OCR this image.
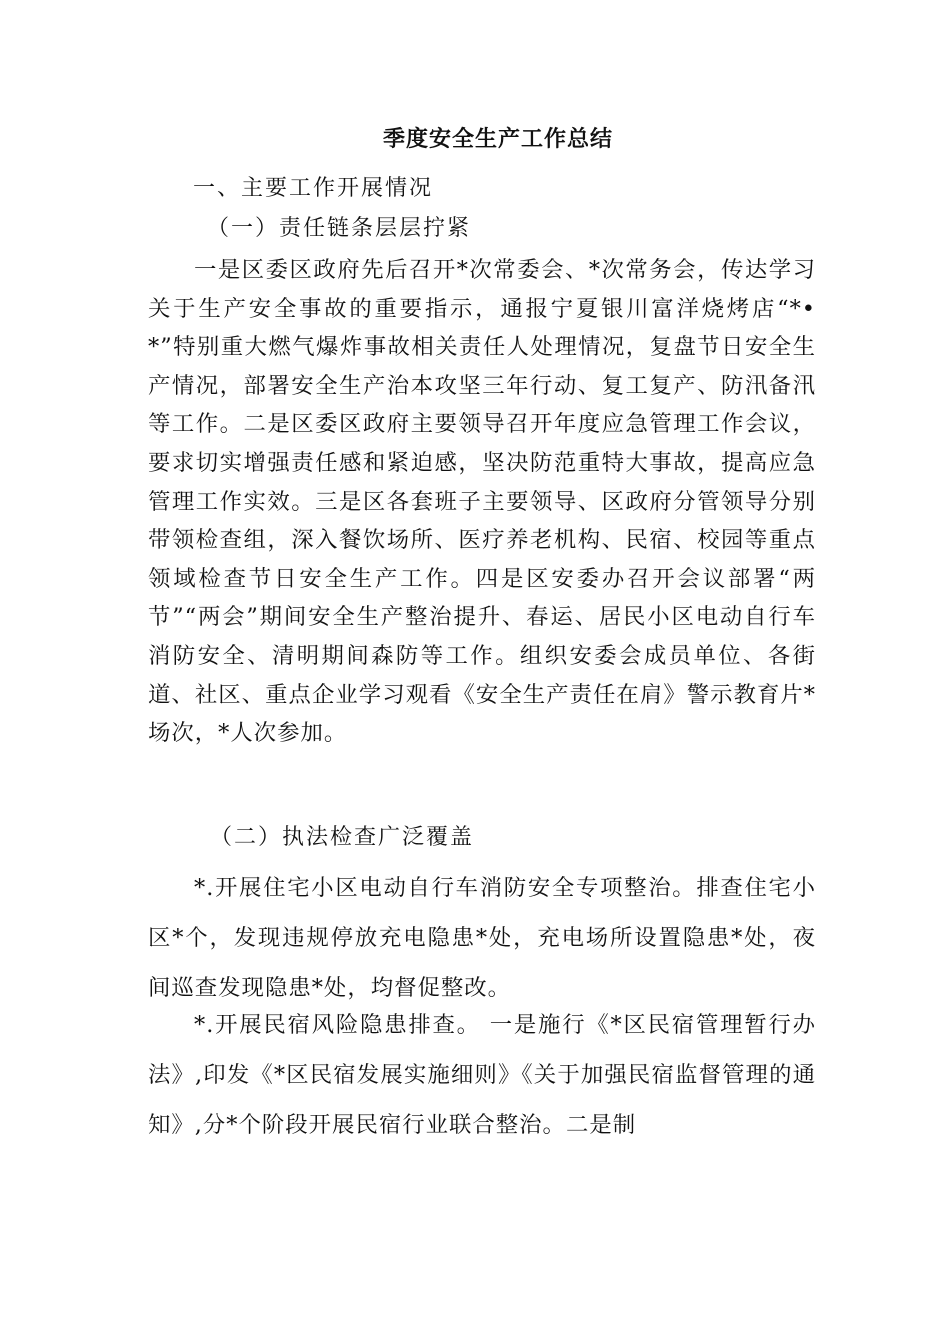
季度安全生产工作总结
一、主要工作开展情况
（一）责任链条层层拧紧

一是区委区政府先后召开*次常委会、*次常务会，传达学习关于生产安全事故的重要指示，通报宁夏银川富洋烧烤店“*•*”特别重大燃气爆炸事故相关责任人处理情况，复盘节日安全生产情况，部署安全生产治本攻坚三年行动、复工复产、防汛备汛等工作。二是区委区政府主要领导召开年度应急管理工作会议，要求切实增强责任感和紧迫感，坚决防范重特大事故，提高应急管理工作实效。三是区各套班子主要领导、区政府分管领导分别带领检查组，深入餐饮场所、医疗养老机构、民宿、校园等重点领域检查节日安全生产工作。四是区安委办召开会议部署“两节”“两会”期间安全生产整治提升、春运、居民小区电动自行车消防安全、清明期间森防等工作。组织安委会成员单位、各街道、社区、重点企业学习观看《安全生产责任在肩》警示教育片*场次，*人次参加。

（二）执法检查广泛覆盖

*.开展住宅小区电动自行车消防安全专项整治。排查住宅小区*个，发现违规停放充电隐患*处，充电场所设置隐患*处，夜间巡查发现隐患*处，均督促整改。

*.开展民宿风险隐患排查。 一是施行《*区民宿管理暂行办法》,印发《*区民宿发展实施细则》《关于加强民宿监督管理的通知》,分*个阶段开展民宿行业联合整治。二是制
